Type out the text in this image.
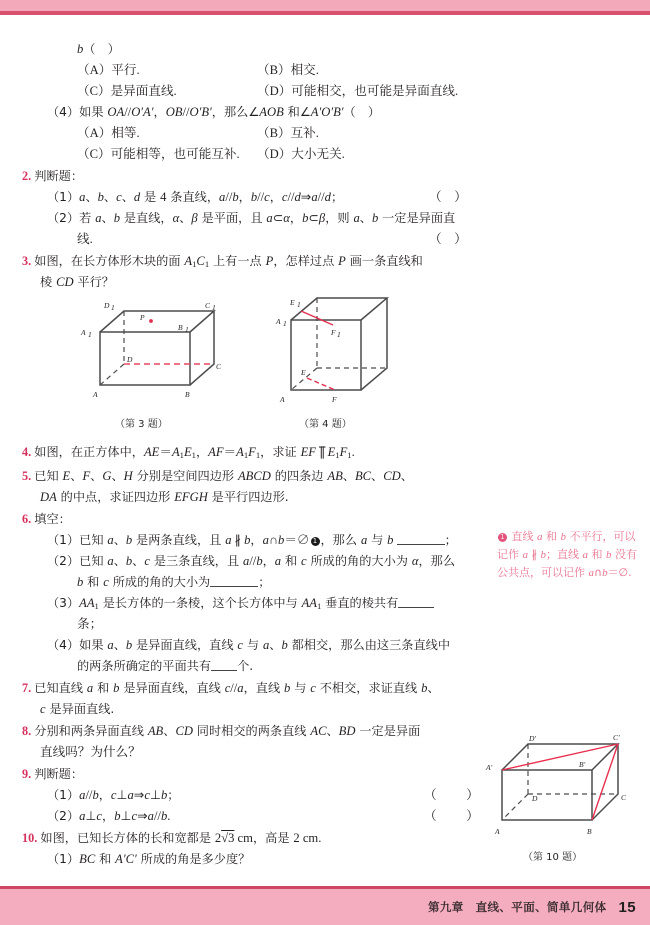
b（　）
（A）平行.	（B）相交.
（C）是异面直线.	（D）可能相交，也可能是异面直线.
（4）如果 OA//O′A′，OB//O′B′，那么∠AOB 和∠A′O′B′（　）
（A）相等.	（B）互补.
（C）可能相等，也可能互补. （D）大小无关.
2. 判断题：
（1）a、b、c、d 是 4 条直线，a//b，b//c，c//d⇒a//d；	（　）
（2）若 a、b 是直线，α、β 是平面，且 a⊂α，b⊂β，则 a、b 一定是异面直
线.	（　）
3. 如图，在长方体形木块的面 A1C1 上有一点 P，怎样过点 P 画一条直线和
棱 CD 平行？
4. 如图，在正方体中，AE＝A1E1，AF＝A1F1，求证 EF ∥̅ E1F1.
5. 已知 E、F、G、H 分别是空间四边形 ABCD 的四条边 AB、BC、CD、
DA 的中点，求证四边形 EFGH 是平行四边形.
6. 填空：
（1）已知 a、b 是两条直线，且 a ∦ b，a∩b＝∅ 1 ，那么 a 与 b	；
（2）已知 a、b、c 是三条直线，且 a//b，a 和 c 所成的角的大小为 α，那么
b 和 c 所成的角的大小为	；
（3）AA1 是长方体的一条棱，这个长方体中与 AA1 垂直的棱共有
条；
（4）如果 a、b 是异面直线，直线 c 与 a、b 都相交，那么由这三条直线中
的两条所确定的平面共有 个.
7. 已知直线 a 和 b 是异面直线，直线 c//a，直线 b 与 c 不相交，求证直线 b、
c 是异面直线.
8. 分别和两条异面直线 AB、CD 同时相交的两条直线 AC、BD 一定是异面
直线吗？为什么？
9. 判断题：
（1）a//b，c⊥a⇒c⊥b；	（　　）
（2）a⊥c，b⊥c⇒a//b.	（　　）
10. 如图，已知长方体的长和宽都是 2√3 cm，高是 2 cm.
（1）BC 和 A′C′ 所成的角是多少度？
D 1	C 1
A 1
B 1
P
D
C
A	B
（第 3 题）
E 1
A 1
F 1
E
A	F
（第 4 题）
1 直线 a 和 b 不平行，可以记作 a ∦ b；直线 a 和 b 没有公共点，可以记作 a∩b＝∅.
D′	C′
A′	B′
D	C
A	B
（第 10 题）
第九章　直线、平面、简单几何体 15
